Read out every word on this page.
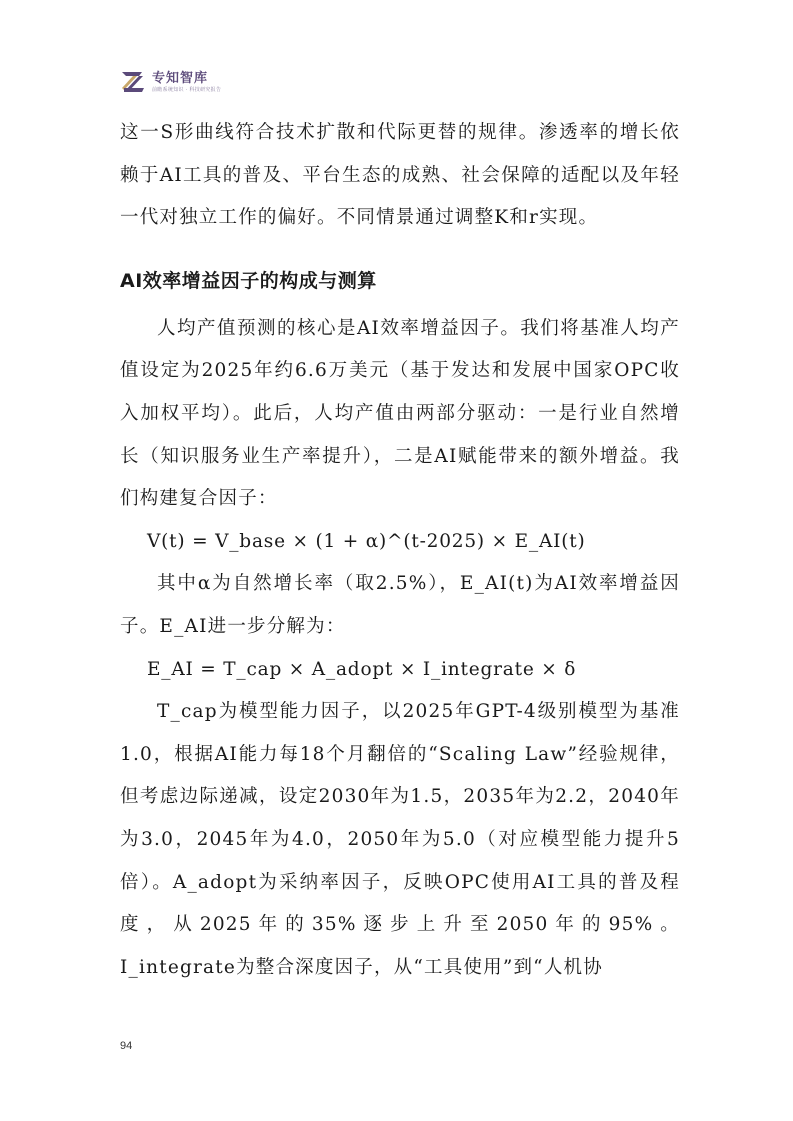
专知智库
前瞻系统知识 · 科技研究报告

这一S形曲线符合技术扩散和代际更替的规律。渗透率的增长依赖于AI工具的普及、平台生态的成熟、社会保障的适配以及年轻一代对独立工作的偏好。不同情景通过调整K和r实现。

AI效率增益因子的构成与测算

人均产值预测的核心是AI效率增益因子。我们将基准人均产值设定为2025年约6.6万美元（基于发达和发展中国家OPC收入加权平均）。此后，人均产值由两部分驱动：一是行业自然增长（知识服务业生产率提升），二是AI赋能带来的额外增益。我们构建复合因子：

V(t) = V_base × (1 + α)^(t-2025) × E_AI(t)

其中α为自然增长率（取2.5%），E_AI(t)为AI效率增益因子。E_AI进一步分解为：

E_AI = T_cap × A_adopt × I_integrate × δ

T_cap为模型能力因子，以2025年GPT-4级别模型为基准1.0，根据AI能力每18个月翻倍的“Scaling Law”经验规律，但考虑边际递减，设定2030年为1.5，2035年为2.2，2040年为3.0，2045年为4.0，2050年为5.0（对应模型能力提升5倍）。A_adopt为采纳率因子，反映OPC使用AI工具的普及程度，从2025年的35%逐步上升至2050年的95%。I_integrate为整合深度因子，从“工具使用”到“人机协

94
